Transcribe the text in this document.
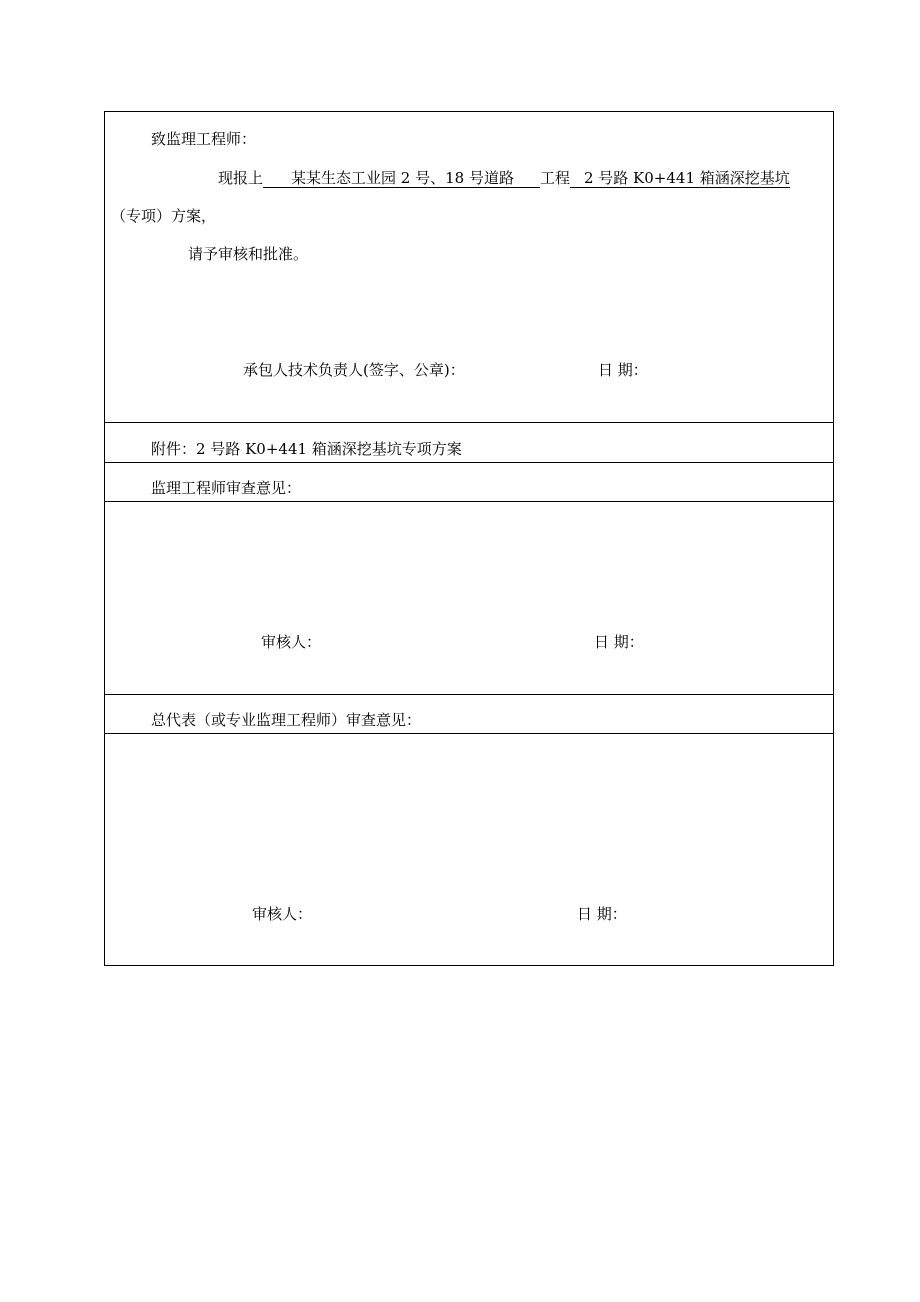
致监理工程师：
现报上 某某生态工业园 2 号、18 号道路 工程 2 号路 K0+441 箱涵深挖基坑
（专项）方案，
请予审核和批准。
承包人技术负责人(签字、公章)：	日 期：
附件：2 号路 K0+441 箱涵深挖基坑专项方案
监理工程师审查意见：
审核人：	日 期：
总代表（或专业监理工程师）审查意见：
审核人：	日 期：
